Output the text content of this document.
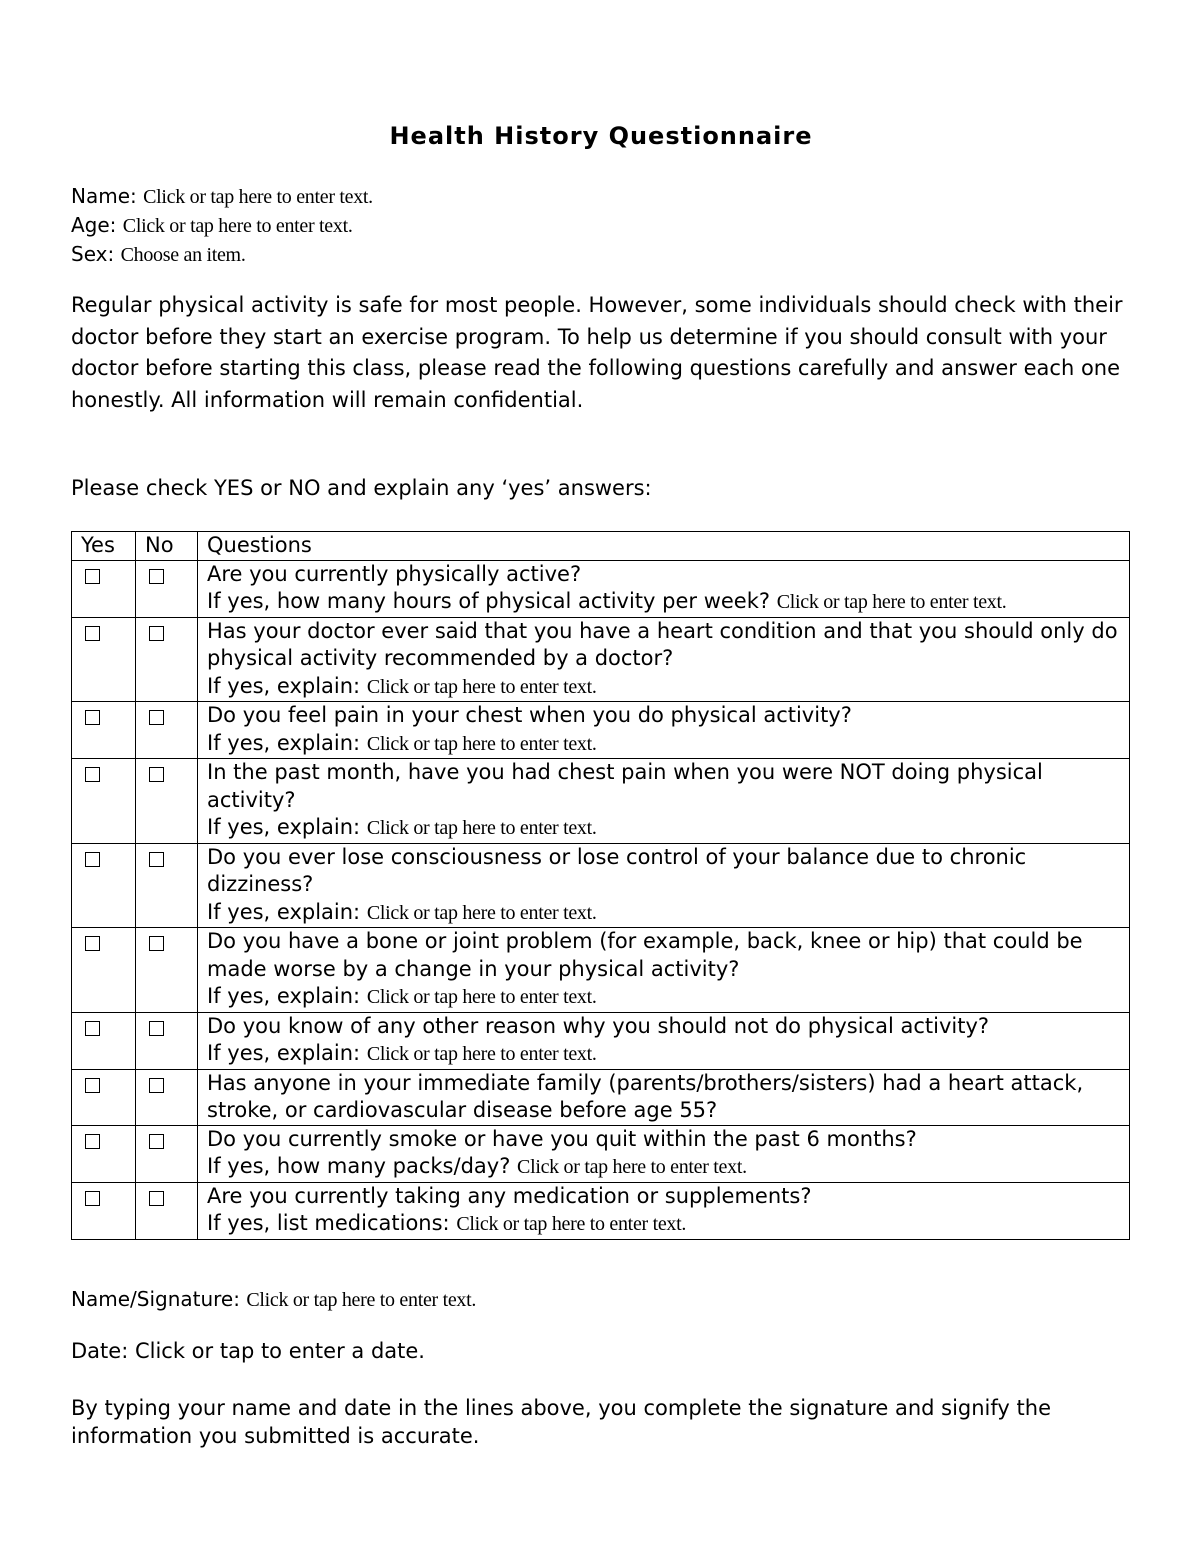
Health History Questionnaire
Name: Click or tap here to enter text.
Age: Click or tap here to enter text.
Sex: Choose an item.
Regular physical activity is safe for most people. However, some individuals should check with their doctor before they start an exercise program. To help us determine if you should consult with your doctor before starting this class, please read the following questions carefully and answer each one honestly. All information will remain confidential.
Please check YES or NO and explain any ‘yes’ answers:
Yes	No	Questions

		Are you currently physically active?
If yes, how many hours of physical activity per week? Click or tap here to enter text.

		Has your doctor ever said that you have a heart condition and that you should only do physical activity recommended by a doctor?
If yes, explain: Click or tap here to enter text.

		Do you feel pain in your chest when you do physical activity?
If yes, explain: Click or tap here to enter text.

		In the past month, have you had chest pain when you were NOT doing physical activity?
If yes, explain: Click or tap here to enter text.

		Do you ever lose consciousness or lose control of your balance due to chronic dizziness?
If yes, explain: Click or tap here to enter text.

		Do you have a bone or joint problem (for example, back, knee or hip) that could be made worse by a change in your physical activity?
If yes, explain: Click or tap here to enter text.

		Do you know of any other reason why you should not do physical activity?
If yes, explain: Click or tap here to enter text.

		Has anyone in your immediate family (parents/brothers/sisters) had a heart attack, stroke, or cardiovascular disease before age 55?

		Do you currently smoke or have you quit within the past 6 months?
If yes, how many packs/day? Click or tap here to enter text.

		Are you currently taking any medication or supplements?
If yes, list medications: Click or tap here to enter text.
Name/Signature: Click or tap here to enter text.
Date: Click or tap to enter a date.
By typing your name and date in the lines above, you complete the signature and signify the information you submitted is accurate.
